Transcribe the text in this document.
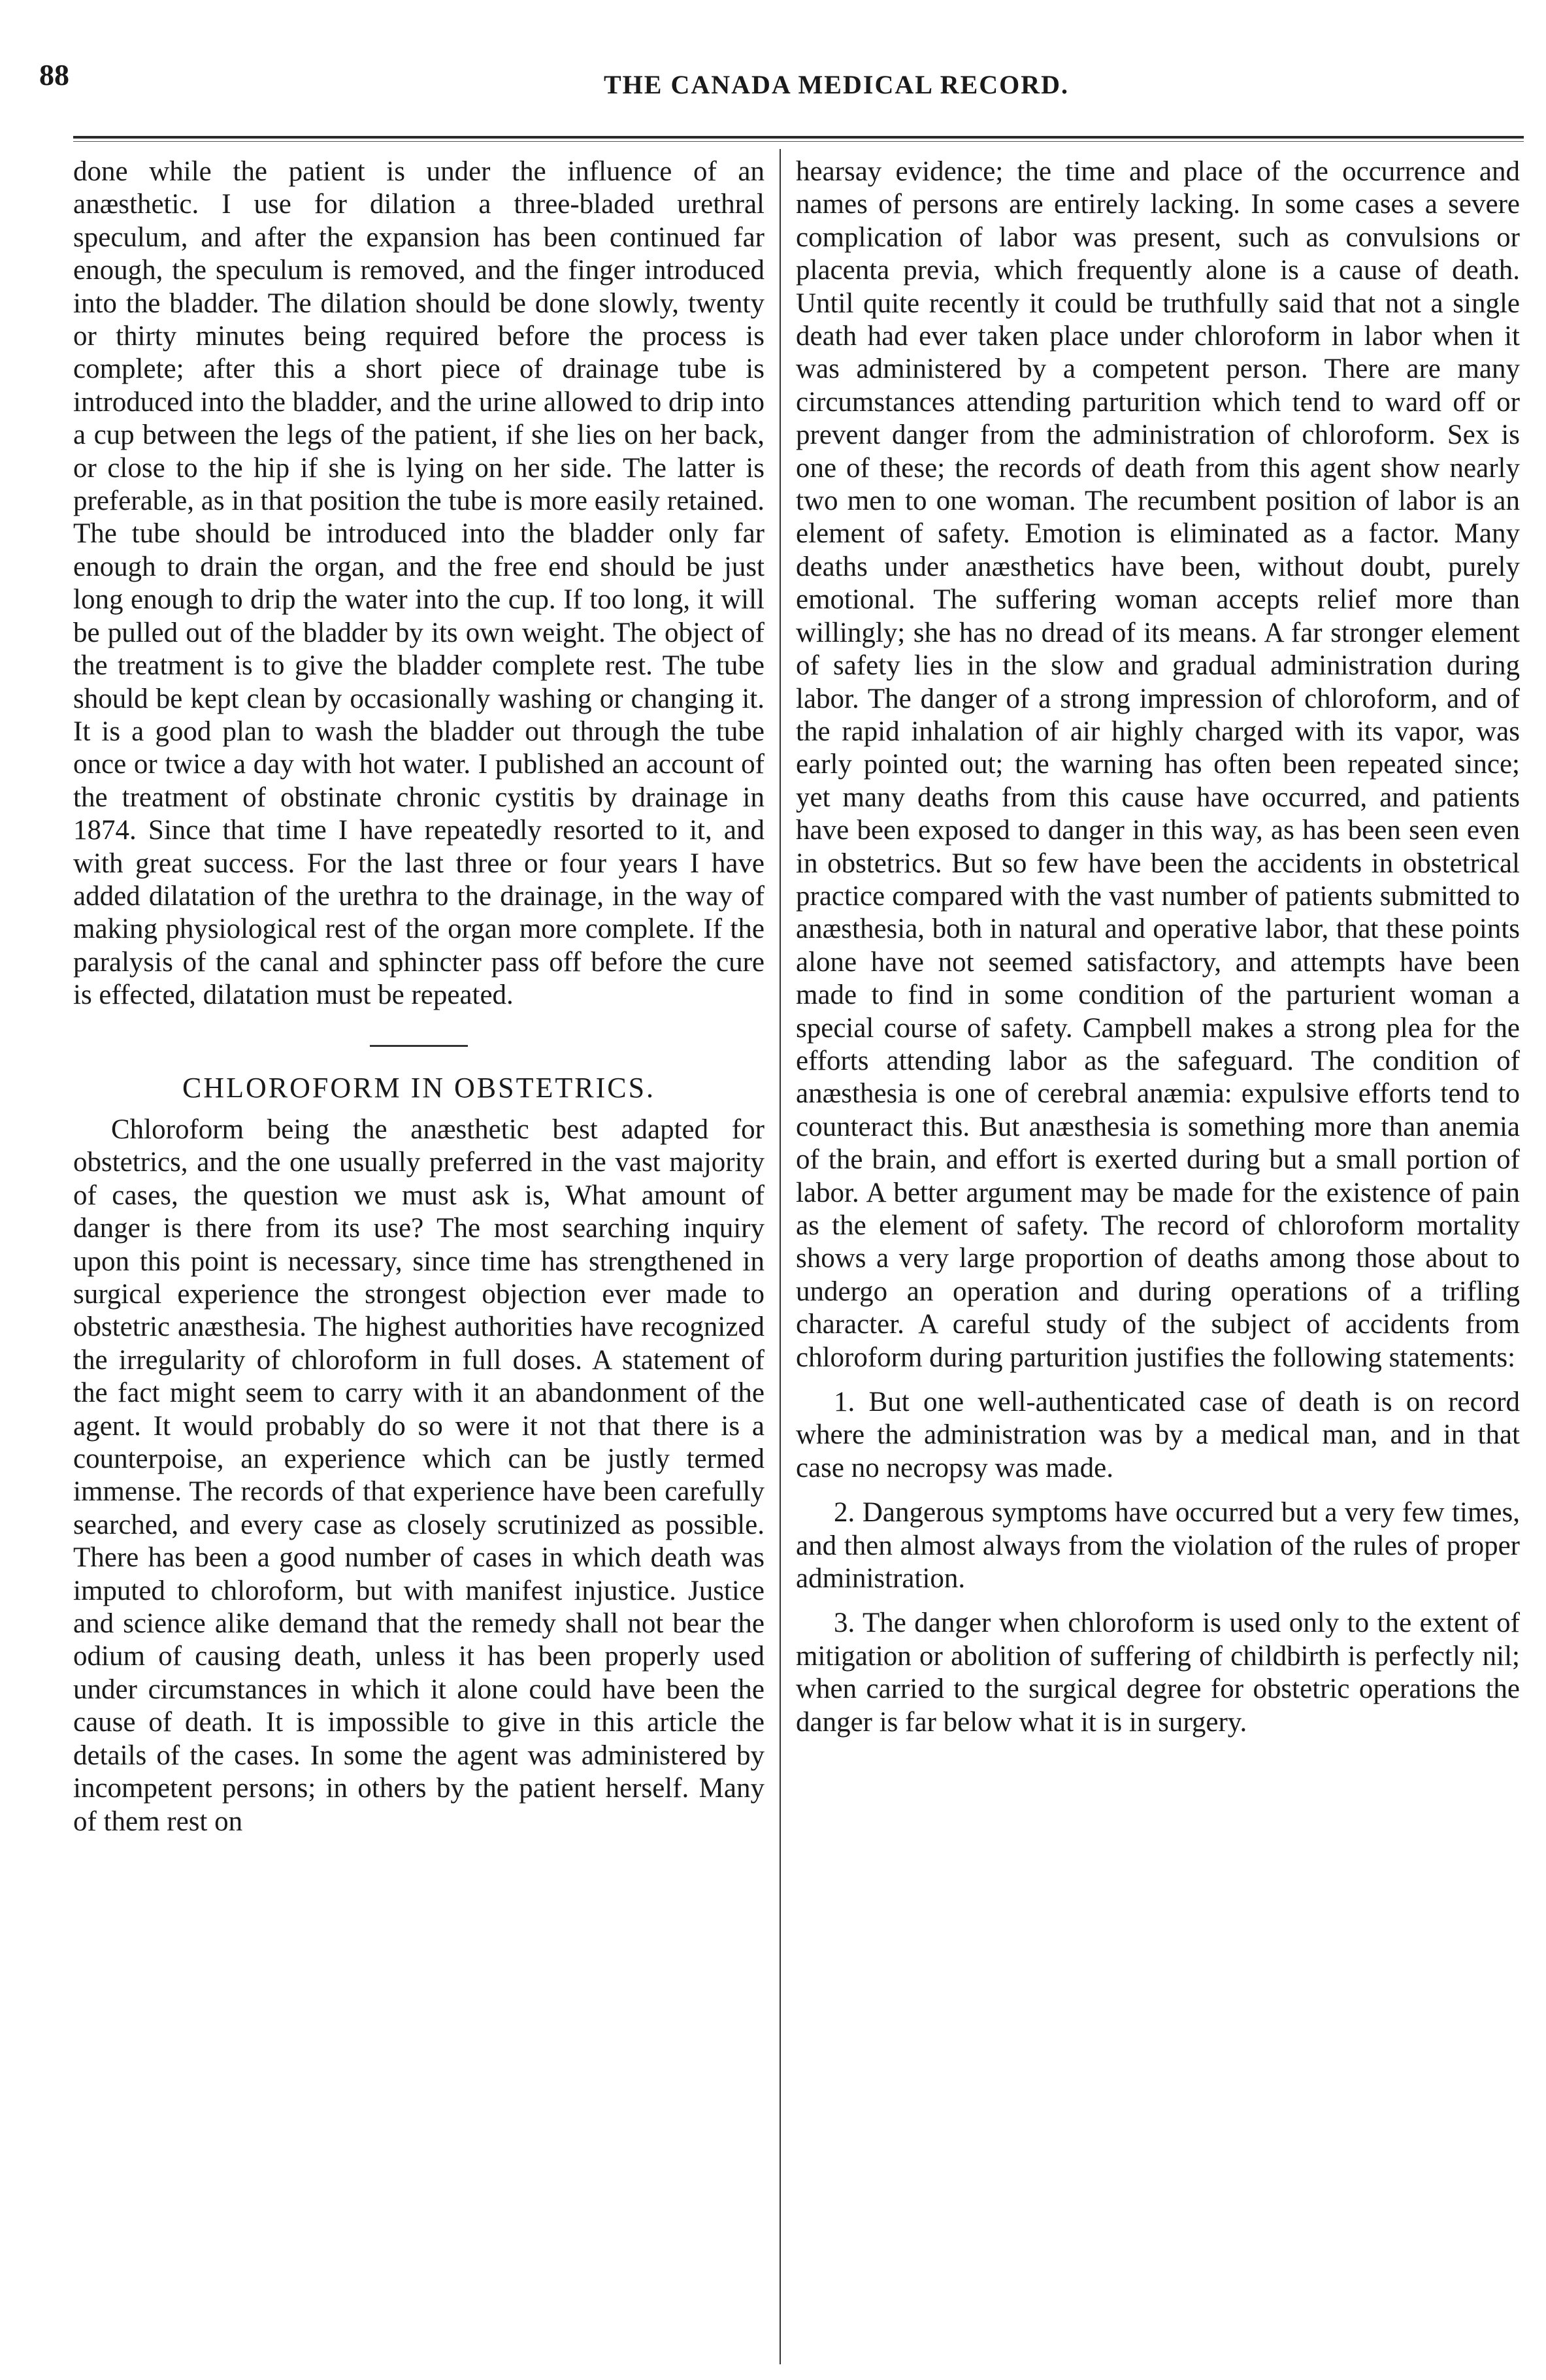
88	THE CANADA MEDICAL RECORD.

done while the patient is under the influence of an anæsthetic. I use for dilation a three-bladed urethral speculum, and after the expansion has been continued far enough, the speculum is removed, and the finger introduced into the bladder. The dilation should be done slowly, twenty or thirty minutes being required before the process is complete; after this a short piece of drainage tube is introduced into the bladder, and the urine allowed to drip into a cup between the legs of the patient, if she lies on her back, or close to the hip if she is lying on her side. The latter is preferable, as in that position the tube is more easily retained. The tube should be introduced into the bladder only far enough to drain the organ, and the free end should be just long enough to drip the water into the cup. If too long, it will be pulled out of the bladder by its own weight. The object of the treatment is to give the bladder complete rest. The tube should be kept clean by occasionally washing or changing it. It is a good plan to wash the bladder out through the tube once or twice a day with hot water. I published an account of the treatment of obstinate chronic cystitis by drainage in 1874. Since that time I have repeatedly resorted to it, and with great success. For the last three or four years I have added dilatation of the urethra to the drainage, in the way of making physiological rest of the organ more complete. If the paralysis of the canal and sphincter pass off before the cure is effected, dilatation must be repeated.

CHLOROFORM IN OBSTETRICS.

Chloroform being the anæsthetic best adapted for obstetrics, and the one usually preferred in the vast majority of cases, the question we must ask is, What amount of danger is there from its use? The most searching inquiry upon this point is necessary, since time has strengthened in surgical experience the strongest objection ever made to obstetric anæsthesia. The highest authorities have recognized the irregularity of chloroform in full doses. A statement of the fact might seem to carry with it an abandonment of the agent. It would probably do so were it not that there is a counterpoise, an experience which can be justly termed immense. The records of that experience have been carefully searched, and every case as closely scrutinized as possible. There has been a good number of cases in which death was imputed to chloroform, but with manifest injustice. Justice and science alike demand that the remedy shall not bear the odium of causing death, unless it has been properly used under circumstances in which it alone could have been the cause of death. It is impossible to give in this article the details of the cases. In some the agent was administered by incompetent persons; in others by the patient herself. Many of them rest on

hearsay evidence; the time and place of the occurrence and names of persons are entirely lacking. In some cases a severe complication of labor was present, such as convulsions or placenta previa, which frequently alone is a cause of death. Until quite recently it could be truthfully said that not a single death had ever taken place under chloroform in labor when it was administered by a competent person. There are many circumstances attending parturition which tend to ward off or prevent danger from the administration of chloroform. Sex is one of these; the records of death from this agent show nearly two men to one woman. The recumbent position of labor is an element of safety. Emotion is eliminated as a factor. Many deaths under anæsthetics have been, without doubt, purely emotional. The suffering woman accepts relief more than willingly; she has no dread of its means. A far stronger element of safety lies in the slow and gradual administration during labor. The danger of a strong impression of chloroform, and of the rapid inhalation of air highly charged with its vapor, was early pointed out; the warning has often been repeated since; yet many deaths from this cause have occurred, and patients have been exposed to danger in this way, as has been seen even in obstetrics. But so few have been the accidents in obstetrical practice compared with the vast number of patients submitted to anæsthesia, both in natural and operative labor, that these points alone have not seemed satisfactory, and attempts have been made to find in some condition of the parturient woman a special course of safety. Campbell makes a strong plea for the efforts attending labor as the safeguard. The condition of anæsthesia is one of cerebral anæmia: expulsive efforts tend to counteract this. But anæsthesia is something more than anemia of the brain, and effort is exerted during but a small portion of labor. A better argument may be made for the existence of pain as the element of safety. The record of chloroform mortality shows a very large proportion of deaths among those about to undergo an operation and during operations of a trifling character. A careful study of the subject of accidents from chloroform during parturition justifies the following statements:

1. But one well-authenticated case of death is on record where the administration was by a medical man, and in that case no necropsy was made.

2. Dangerous symptoms have occurred but a very few times, and then almost always from the violation of the rules of proper administration.

3. The danger when chloroform is used only to the extent of mitigation or abolition of suffering of childbirth is perfectly nil; when carried to the surgical degree for obstetric operations the danger is far below what it is in surgery.
